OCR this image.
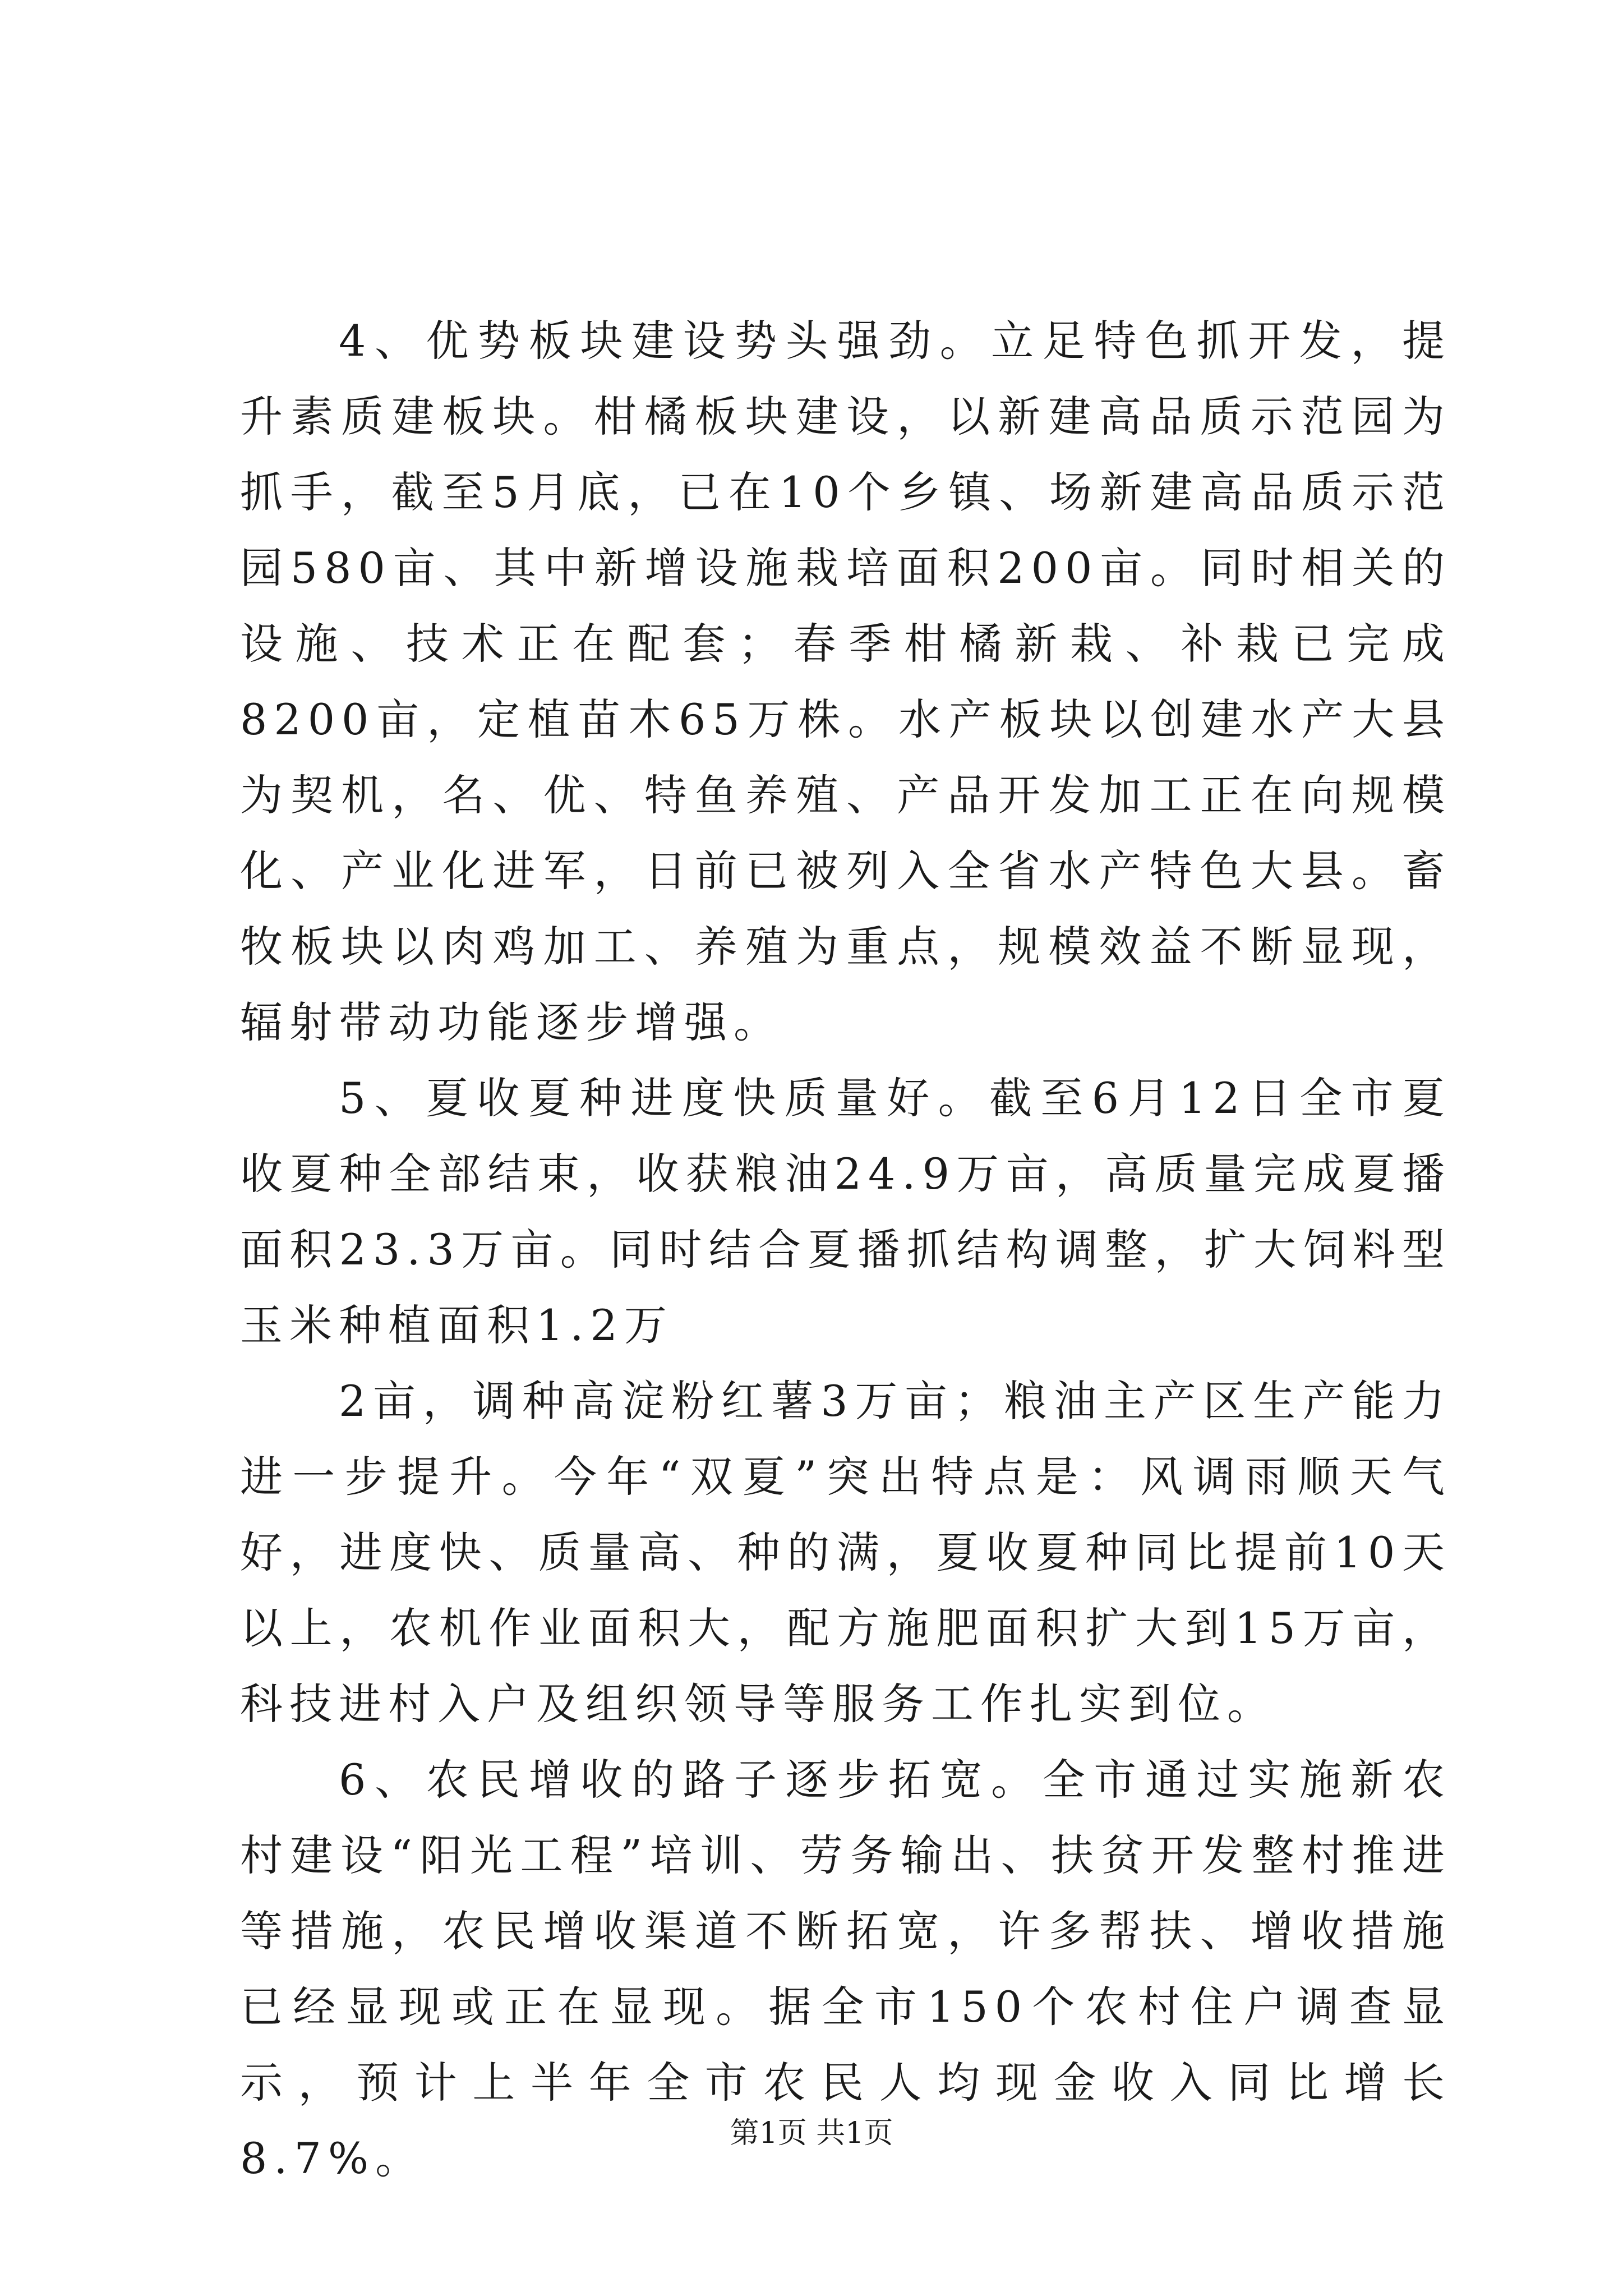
4、优势板块建设势头强劲。立足特色抓开发，提升素质建板块。柑橘板块建设，以新建高品质示范园为抓手，截至5月底，已在10个乡镇、场新建高品质示范园580亩、其中新增设施栽培面积200亩。同时相关的设施、技术正在配套；春季柑橘新栽、补栽已完成8200亩，定植苗木65万株。水产板块以创建水产大县为契机，名、优、特鱼养殖、产品开发加工正在向规模化、产业化进军，日前已被列入全省水产特色大县。畜牧板块以肉鸡加工、养殖为重点，规模效益不断显现，辐射带动功能逐步增强。

5、夏收夏种进度快质量好。截至6月12日全市夏收夏种全部结束，收获粮油24.9万亩，高质量完成夏播面积23.3万亩。同时结合夏播抓结构调整，扩大饲料型玉米种植面积1.2万

2亩，调种高淀粉红薯3万亩；粮油主产区生产能力进一步提升。今年“双夏”突出特点是：风调雨顺天气好，进度快、质量高、种的满，夏收夏种同比提前10天以上，农机作业面积大，配方施肥面积扩大到15万亩，科技进村入户及组织领导等服务工作扎实到位。

6、农民增收的路子逐步拓宽。全市通过实施新农村建设“阳光工程”培训、劳务输出、扶贫开发整村推进等措施，农民增收渠道不断拓宽，许多帮扶、增收措施已经显现或正在显现。据全市150个农村住户调查显示，预计上半年全市农民人均现金收入同比增长8.7%。	第1页 共1页
